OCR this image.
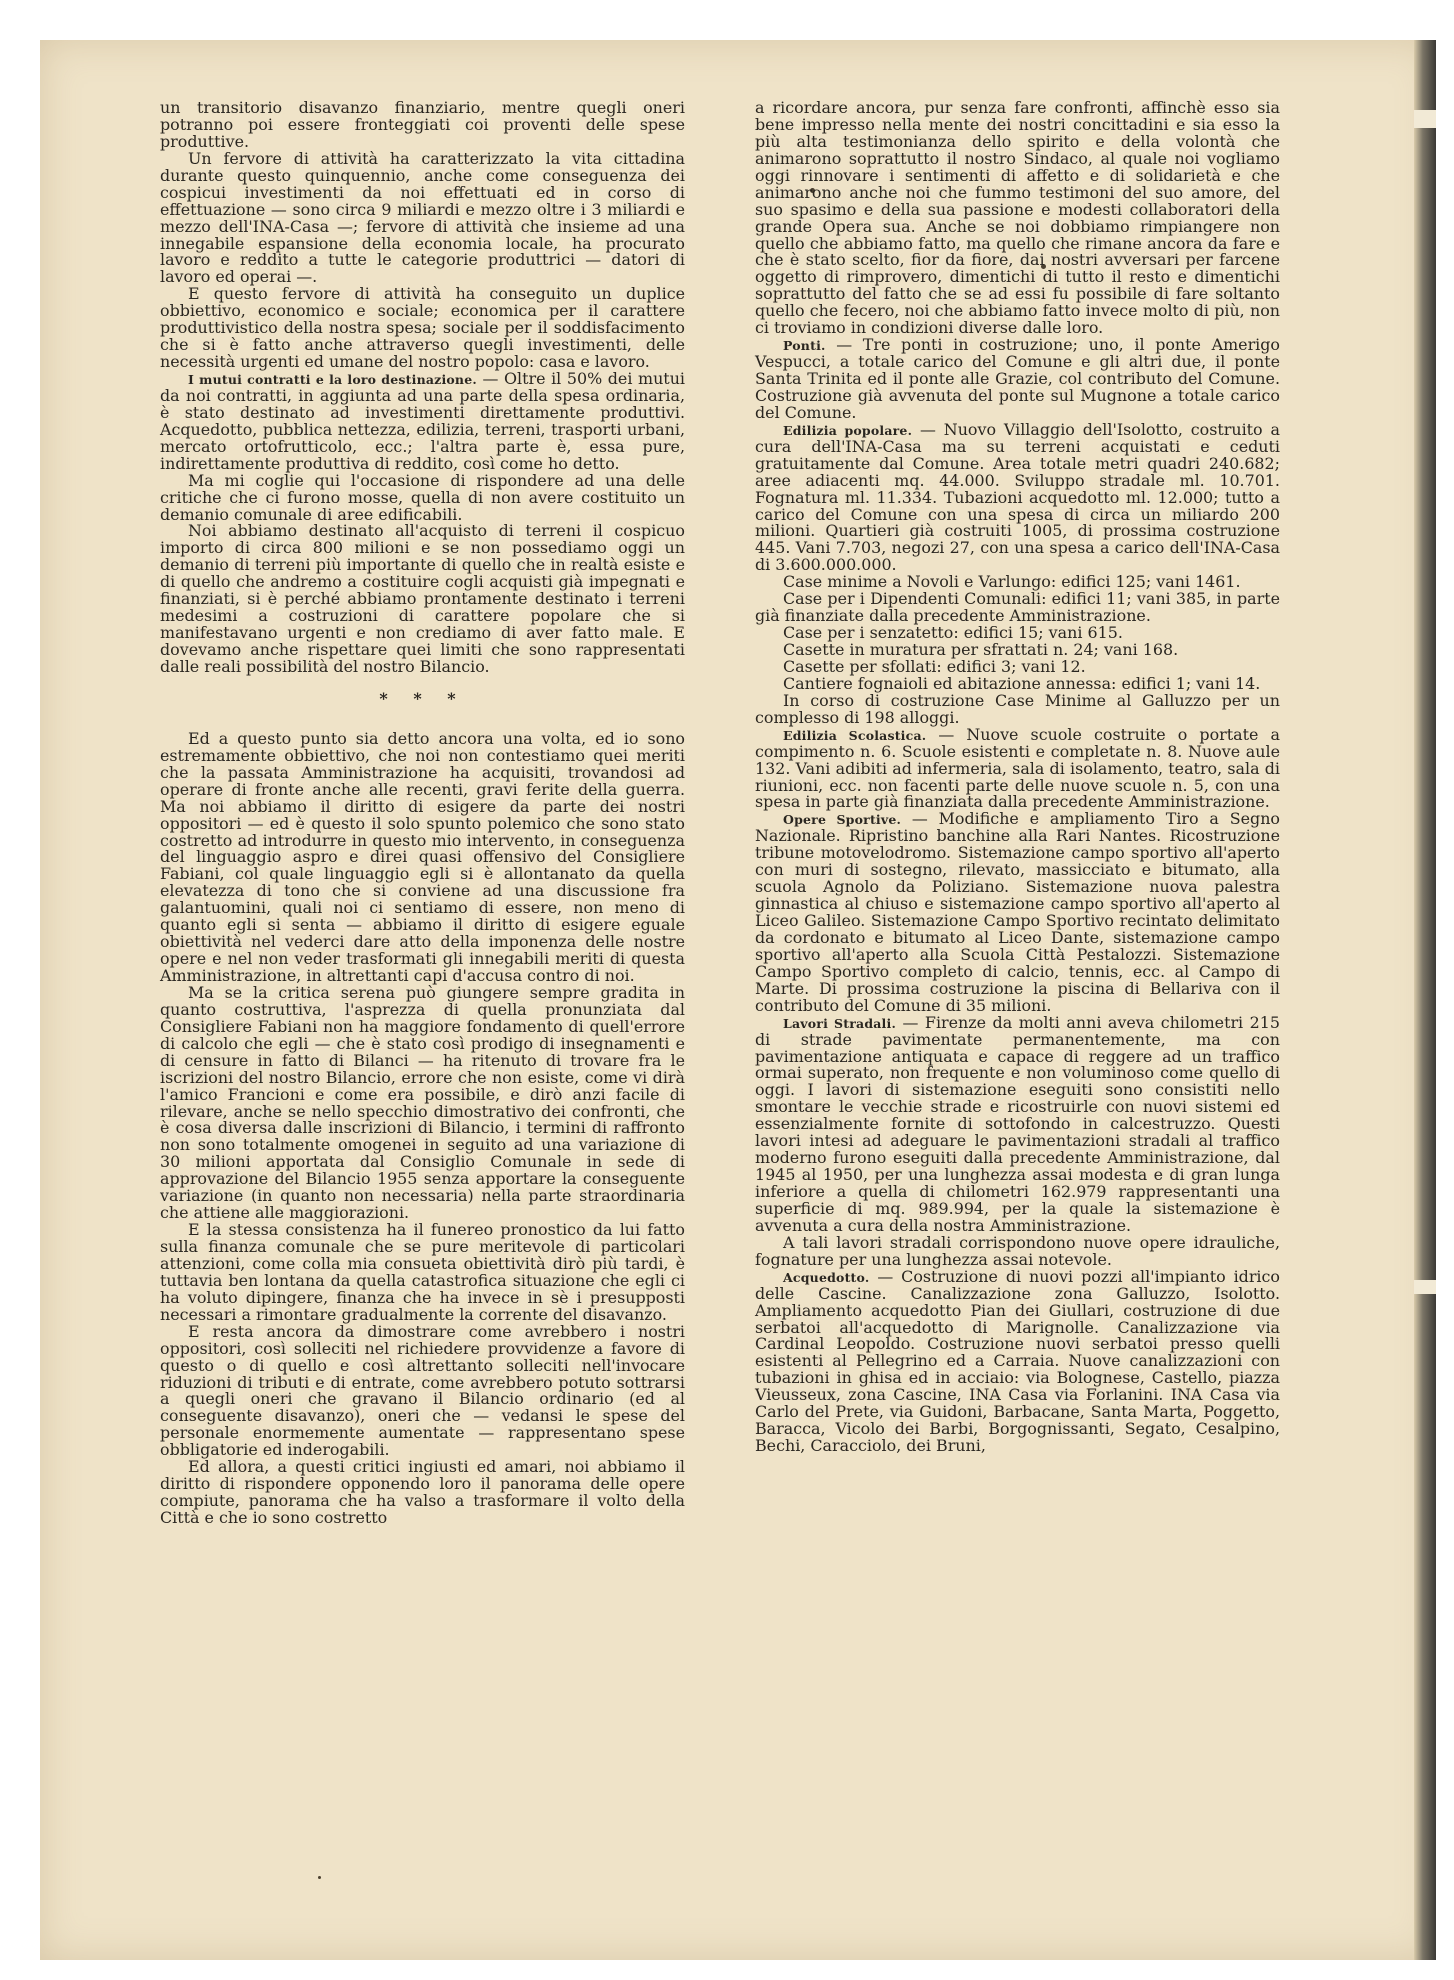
un transitorio disavanzo finanziario, mentre quegli oneri potranno poi essere fronteggiati coi proventi delle spese produttive.

Un fervore di attività ha caratterizzato la vita cittadina durante questo quinquennio, anche come conseguenza dei cospicui investimenti da noi effettuati ed in corso di effettuazione — sono circa 9 miliardi e mezzo oltre i 3 miliardi e mezzo dell'INA-Casa —; fervore di attività che insieme ad una innegabile espansione della economia locale, ha procurato lavoro e reddito a tutte le categorie produttrici — datori di lavoro ed operai —.

E questo fervore di attività ha conseguito un duplice obbiettivo, economico e sociale; economica per il carattere produttivistico della nostra spesa; sociale per il soddisfacimento che si è fatto anche attraverso quegli investimenti, delle necessità urgenti ed umane del nostro popolo: casa e lavoro.

I mutui contratti e la loro destinazione. — Oltre il 50% dei mutui da noi contratti, in aggiunta ad una parte della spesa ordinaria, è stato destinato ad investimenti direttamente produttivi. Acquedotto, pubblica nettezza, edilizia, terreni, trasporti urbani, mercato ortofrutticolo, ecc.; l'altra parte è, essa pure, indirettamente produttiva di reddito, così come ho detto.

Ma mi coglie qui l'occasione di rispondere ad una delle critiche che ci furono mosse, quella di non avere costituito un demanio comunale di aree edificabili.

Noi abbiamo destinato all'acquisto di terreni il cospicuo importo di circa 800 milioni e se non possediamo oggi un demanio di terreni più importante di quello che in realtà esiste e di quello che andremo a costituire cogli acquisti già impegnati e finanziati, si è perché abbiamo prontamente destinato i terreni medesimi a costruzioni di carattere popolare che si manifestavano urgenti e non crediamo di aver fatto male. E dovevamo anche rispettare quei limiti che sono rappresentati dalle reali possibilità del nostro Bilancio.

* * *

Ed a questo punto sia detto ancora una volta, ed io sono estremamente obbiettivo, che noi non contestiamo quei meriti che la passata Amministrazione ha acquisiti, trovandosi ad operare di fronte anche alle recenti, gravi ferite della guerra. Ma noi abbiamo il diritto di esigere da parte dei nostri oppositori — ed è questo il solo spunto polemico che sono stato costretto ad introdurre in questo mio intervento, in conseguenza del linguaggio aspro e direi quasi offensivo del Consigliere Fabiani, col quale linguaggio egli si è allontanato da quella elevatezza di tono che si conviene ad una discussione fra galantuomini, quali noi ci sentiamo di essere, non meno di quanto egli si senta — abbiamo il diritto di esigere eguale obiettività nel vederci dare atto della imponenza delle nostre opere e nel non veder trasformati gli innegabili meriti di questa Amministrazione, in altrettanti capi d'accusa contro di noi.

Ma se la critica serena può giungere sempre gradita in quanto costruttiva, l'asprezza di quella pronunziata dal Consigliere Fabiani non ha maggiore fondamento di quell'errore di calcolo che egli — che è stato così prodigo di insegnamenti e di censure in fatto di Bilanci — ha ritenuto di trovare fra le iscrizioni del nostro Bilancio, errore che non esiste, come vi dirà l'amico Francioni e come era possibile, e dirò anzi facile di rilevare, anche se nello specchio dimostrativo dei confronti, che è cosa diversa dalle inscrizioni di Bilancio, i termini di raffronto non sono totalmente omogenei in seguito ad una variazione di 30 milioni apportata dal Consiglio Comunale in sede di approvazione del Bilancio 1955 senza apportare la conseguente variazione (in quanto non necessaria) nella parte straordinaria che attiene alle maggiorazioni.

E la stessa consistenza ha il funereo pronostico da lui fatto sulla finanza comunale che se pure meritevole di particolari attenzioni, come colla mia consueta obiettività dirò più tardi, è tuttavia ben lontana da quella catastrofica situazione che egli ci ha voluto dipingere, finanza che ha invece in sè i presupposti necessari a rimontare gradualmente la corrente del disavanzo.

E resta ancora da dimostrare come avrebbero i nostri oppositori, così solleciti nel richiedere provvidenze a favore di questo o di quello e così altrettanto solleciti nell'invocare riduzioni di tributi e di entrate, come avrebbero potuto sottrarsi a quegli oneri che gravano il Bilancio ordinario (ed al conseguente disavanzo), oneri che — vedansi le spese del personale enormemente aumentate — rappresentano spese obbligatorie ed inderogabili.

Ed allora, a questi critici ingiusti ed amari, noi abbiamo il diritto di rispondere opponendo loro il panorama delle opere compiute, panorama che ha valso a trasformare il volto della Città e che io sono costretto

a ricordare ancora, pur senza fare confronti, affinchè esso sia bene impresso nella mente dei nostri concittadini e sia esso la più alta testimonianza dello spirito e della volontà che animarono soprattutto il nostro Sindaco, al quale noi vogliamo oggi rinnovare i sentimenti di affetto e di solidarietà e che animarono anche noi che fummo testimoni del suo amore, del suo spasimo e della sua passione e modesti collaboratori della grande Opera sua. Anche se noi dobbiamo rimpiangere non quello che abbiamo fatto, ma quello che rimane ancora da fare e che è stato scelto, fior da fiore, dai nostri avversari per farcene oggetto di rimprovero, dimentichi di tutto il resto e dimentichi soprattutto del fatto che se ad essi fu possibile di fare soltanto quello che fecero, noi che abbiamo fatto invece molto di più, non ci troviamo in condizioni diverse dalle loro.

Ponti. — Tre ponti in costruzione; uno, il ponte Amerigo Vespucci, a totale carico del Comune e gli altri due, il ponte Santa Trinita ed il ponte alle Grazie, col contributo del Comune. Costruzione già avvenuta del ponte sul Mugnone a totale carico del Comune.

Edilizia popolare. — Nuovo Villaggio dell'Isolotto, costruito a cura dell'INA-Casa ma su terreni acquistati e ceduti gratuitamente dal Comune. Area totale metri quadri 240.682; aree adiacenti mq. 44.000. Sviluppo stradale ml. 10.701. Fognatura ml. 11.334. Tubazioni acquedotto ml. 12.000; tutto a carico del Comune con una spesa di circa un miliardo 200 milioni. Quartieri già costruiti 1005, di prossima costruzione 445. Vani 7.703, negozi 27, con una spesa a carico dell'INA-Casa di 3.600.000.000.

Case minime a Novoli e Varlungo: edifici 125; vani 1461.

Case per i Dipendenti Comunali: edifici 11; vani 385, in parte già finanziate dalla precedente Amministrazione.

Case per i senzatetto: edifici 15; vani 615.

Casette in muratura per sfrattati n. 24; vani 168.

Casette per sfollati: edifici 3; vani 12.

Cantiere fognaioli ed abitazione annessa: edifici 1; vani 14.

In corso di costruzione Case Minime al Galluzzo per un complesso di 198 alloggi.

Edilizia Scolastica. — Nuove scuole costruite o portate a compimento n. 6. Scuole esistenti e completate n. 8. Nuove aule 132. Vani adibiti ad infermeria, sala di isolamento, teatro, sala di riunioni, ecc. non facenti parte delle nuove scuole n. 5, con una spesa in parte già finanziata dalla precedente Amministrazione.

Opere Sportive. — Modifiche e ampliamento Tiro a Segno Nazionale. Ripristino banchine alla Rari Nantes. Ricostruzione tribune motovelodromo. Sistemazione campo sportivo all'aperto con muri di sostegno, rilevato, massicciato e bitumato, alla scuola Agnolo da Poliziano. Sistemazione nuova palestra ginnastica al chiuso e sistemazione campo sportivo all'aperto al Liceo Galileo. Sistemazione Campo Sportivo recintato delimitato da cordonato e bitumato al Liceo Dante, sistemazione campo sportivo all'aperto alla Scuola Città Pestalozzi. Sistemazione Campo Sportivo completo di calcio, tennis, ecc. al Campo di Marte. Di prossima costruzione la piscina di Bellariva con il contributo del Comune di 35 milioni.

Lavori Stradali. — Firenze da molti anni aveva chilometri 215 di strade pavimentate permanentemente, ma con pavimentazione antiquata e capace di reggere ad un traffico ormai superato, non frequente e non voluminoso come quello di oggi. I lavori di sistemazione eseguiti sono consistiti nello smontare le vecchie strade e ricostruirle con nuovi sistemi ed essenzialmente fornite di sottofondo in calcestruzzo. Questi lavori intesi ad adeguare le pavimentazioni stradali al traffico moderno furono eseguiti dalla precedente Amministrazione, dal 1945 al 1950, per una lunghezza assai modesta e di gran lunga inferiore a quella di chilometri 162.979 rappresentanti una superficie di mq. 989.994, per la quale la sistemazione è avvenuta a cura della nostra Amministrazione.

A tali lavori stradali corrispondono nuove opere idrauliche, fognature per una lunghezza assai notevole.

Acquedotto. — Costruzione di nuovi pozzi all'impianto idrico delle Cascine. Canalizzazione zona Galluzzo, Isolotto. Ampliamento acquedotto Pian dei Giullari, costruzione di due serbatoi all'acquedotto di Marignolle. Canalizzazione via Cardinal Leopoldo. Costruzione nuovi serbatoi presso quelli esistenti al Pellegrino ed a Carraia. Nuove canalizzazioni con tubazioni in ghisa ed in acciaio: via Bolognese, Castello, piazza Vieusseux, zona Cascine, INA Casa via Forlanini. INA Casa via Carlo del Prete, via Guidoni, Barbacane, Santa Marta, Poggetto, Baracca, Vicolo dei Barbi, Borgognissanti, Segato, Cesalpino, Bechi, Caracciolo, dei Bruni,
